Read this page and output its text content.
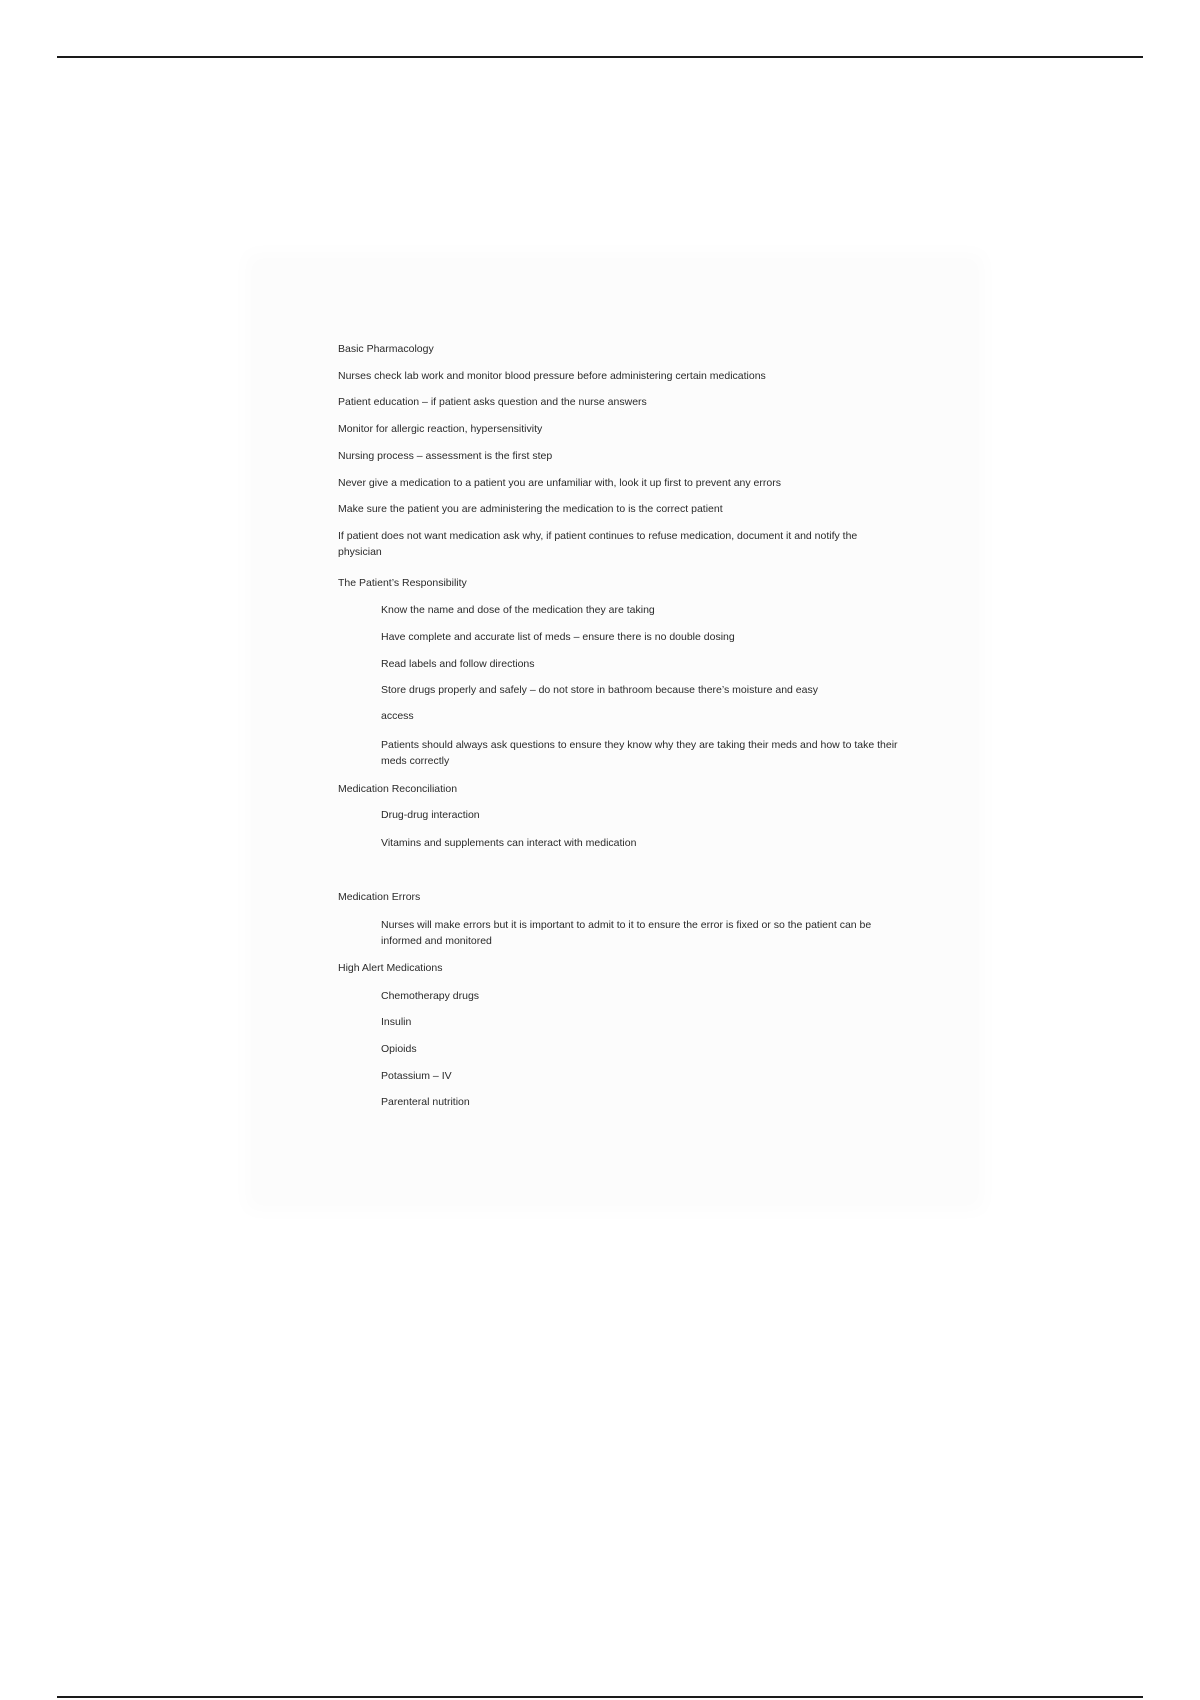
Basic Pharmacology
Nurses check lab work and monitor blood pressure before administering certain medications
Patient education – if patient asks question and the nurse answers
Monitor for allergic reaction, hypersensitivity
Nursing process – assessment is the first step
Never give a medication to a patient you are unfamiliar with, look it up first to prevent any errors
Make sure the patient you are administering the medication to is the correct patient
If patient does not want medication ask why, if patient continues to refuse medication, document it and notify the physician
The Patient’s Responsibility
Know the name and dose of the medication they are taking
Have complete and accurate list of meds – ensure there is no double dosing
Read labels and follow directions
Store drugs properly and safely – do not store in bathroom because there’s moisture and easy
access
Patients should always ask questions to ensure they know why they are taking their meds and how to take their meds correctly
Medication Reconciliation
Drug-drug interaction
Vitamins and supplements can interact with medication
Medication Errors
Nurses will make errors but it is important to admit to it to ensure the error is fixed or so the patient can be informed and monitored
High Alert Medications
Chemotherapy drugs
Insulin
Opioids
Potassium – IV
Parenteral nutrition
